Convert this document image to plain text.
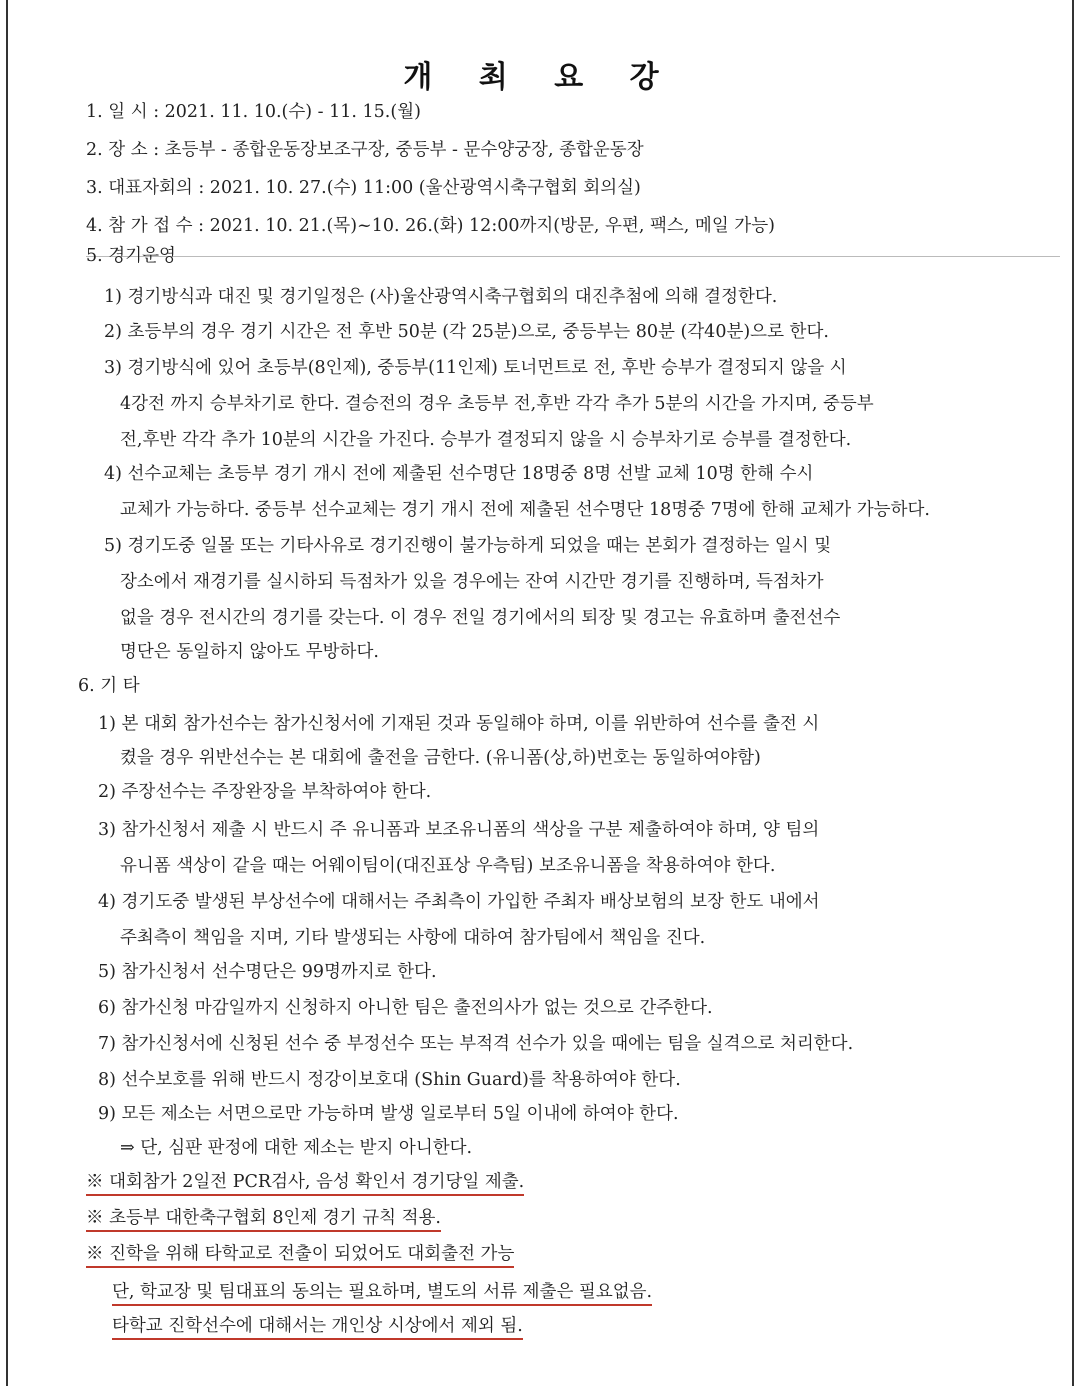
개 최 요 강
1. 일 시 : 2021. 11. 10.(수) - 11. 15.(월)
2. 장 소 : 초등부 - 종합운동장보조구장, 중등부 - 문수양궁장, 종합운동장
3. 대표자회의 : 2021. 10. 27.(수) 11:00 (울산광역시축구협회 회의실)
4. 참 가 접 수 : 2021. 10. 21.(목)~10. 26.(화) 12:00까지(방문, 우편, 팩스, 메일 가능)
5. 경기운영
1) 경기방식과 대진 및 경기일정은 (사)울산광역시축구협회의 대진추첨에 의해 결정한다.
2) 초등부의 경우 경기 시간은 전 후반 50분 (각 25분)으로, 중등부는 80분 (각40분)으로 한다.
3) 경기방식에 있어 초등부(8인제), 중등부(11인제) 토너먼트로 전, 후반 승부가 결정되지 않을 시
4강전 까지 승부차기로 한다. 결승전의 경우 초등부 전,후반 각각 추가 5분의 시간을 가지며, 중등부
전,후반 각각 추가 10분의 시간을 가진다. 승부가 결정되지 않을 시 승부차기로 승부를 결정한다.
4) 선수교체는 초등부 경기 개시 전에 제출된 선수명단 18명중 8명 선발 교체 10명 한해 수시
교체가 가능하다. 중등부 선수교체는 경기 개시 전에 제출된 선수명단 18명중 7명에 한해 교체가 가능하다.
5) 경기도중 일몰 또는 기타사유로 경기진행이 불가능하게 되었을 때는 본회가 결정하는 일시 및
장소에서 재경기를 실시하되 득점차가 있을 경우에는 잔여 시간만 경기를 진행하며, 득점차가
없을 경우 전시간의 경기를 갖는다. 이 경우 전일 경기에서의 퇴장 및 경고는 유효하며 출전선수
명단은 동일하지 않아도 무방하다.
6. 기 타
1) 본 대회 참가선수는 참가신청서에 기재된 것과 동일해야 하며, 이를 위반하여 선수를 출전 시
켰을 경우 위반선수는 본 대회에 출전을 금한다. (유니폼(상,하)번호는 동일하여야함)
2) 주장선수는 주장완장을 부착하여야 한다.
3) 참가신청서 제출 시 반드시 주 유니폼과 보조유니폼의 색상을 구분 제출하여야 하며, 양 팀의
유니폼 색상이 같을 때는 어웨이팀이(대진표상 우측팀) 보조유니폼을 착용하여야 한다.
4) 경기도중 발생된 부상선수에 대해서는 주최측이 가입한 주최자 배상보험의 보장 한도 내에서
주최측이 책임을 지며, 기타 발생되는 사항에 대하여 참가팀에서 책임을 진다.
5) 참가신청서 선수명단은 99명까지로 한다.
6) 참가신청 마감일까지 신청하지 아니한 팀은 출전의사가 없는 것으로 간주한다.
7) 참가신청서에 신청된 선수 중 부정선수 또는 부적격 선수가 있을 때에는 팀을 실격으로 처리한다.
8) 선수보호를 위해 반드시 정강이보호대 (Shin Guard)를 착용하여야 한다.
9) 모든 제소는 서면으로만 가능하며 발생 일로부터 5일 이내에 하여야 한다.
⇒ 단, 심판 판정에 대한 제소는 받지 아니한다.
※ 대회참가 2일전 PCR검사, 음성 확인서 경기당일 제출.
※ 초등부 대한축구협회 8인제 경기 규칙 적용.
※ 진학을 위해 타학교로 전출이 되었어도 대회출전 가능
단, 학교장 및 팀대표의 동의는 필요하며, 별도의 서류 제출은 필요없음.
타학교 진학선수에 대해서는 개인상 시상에서 제외 됨.
